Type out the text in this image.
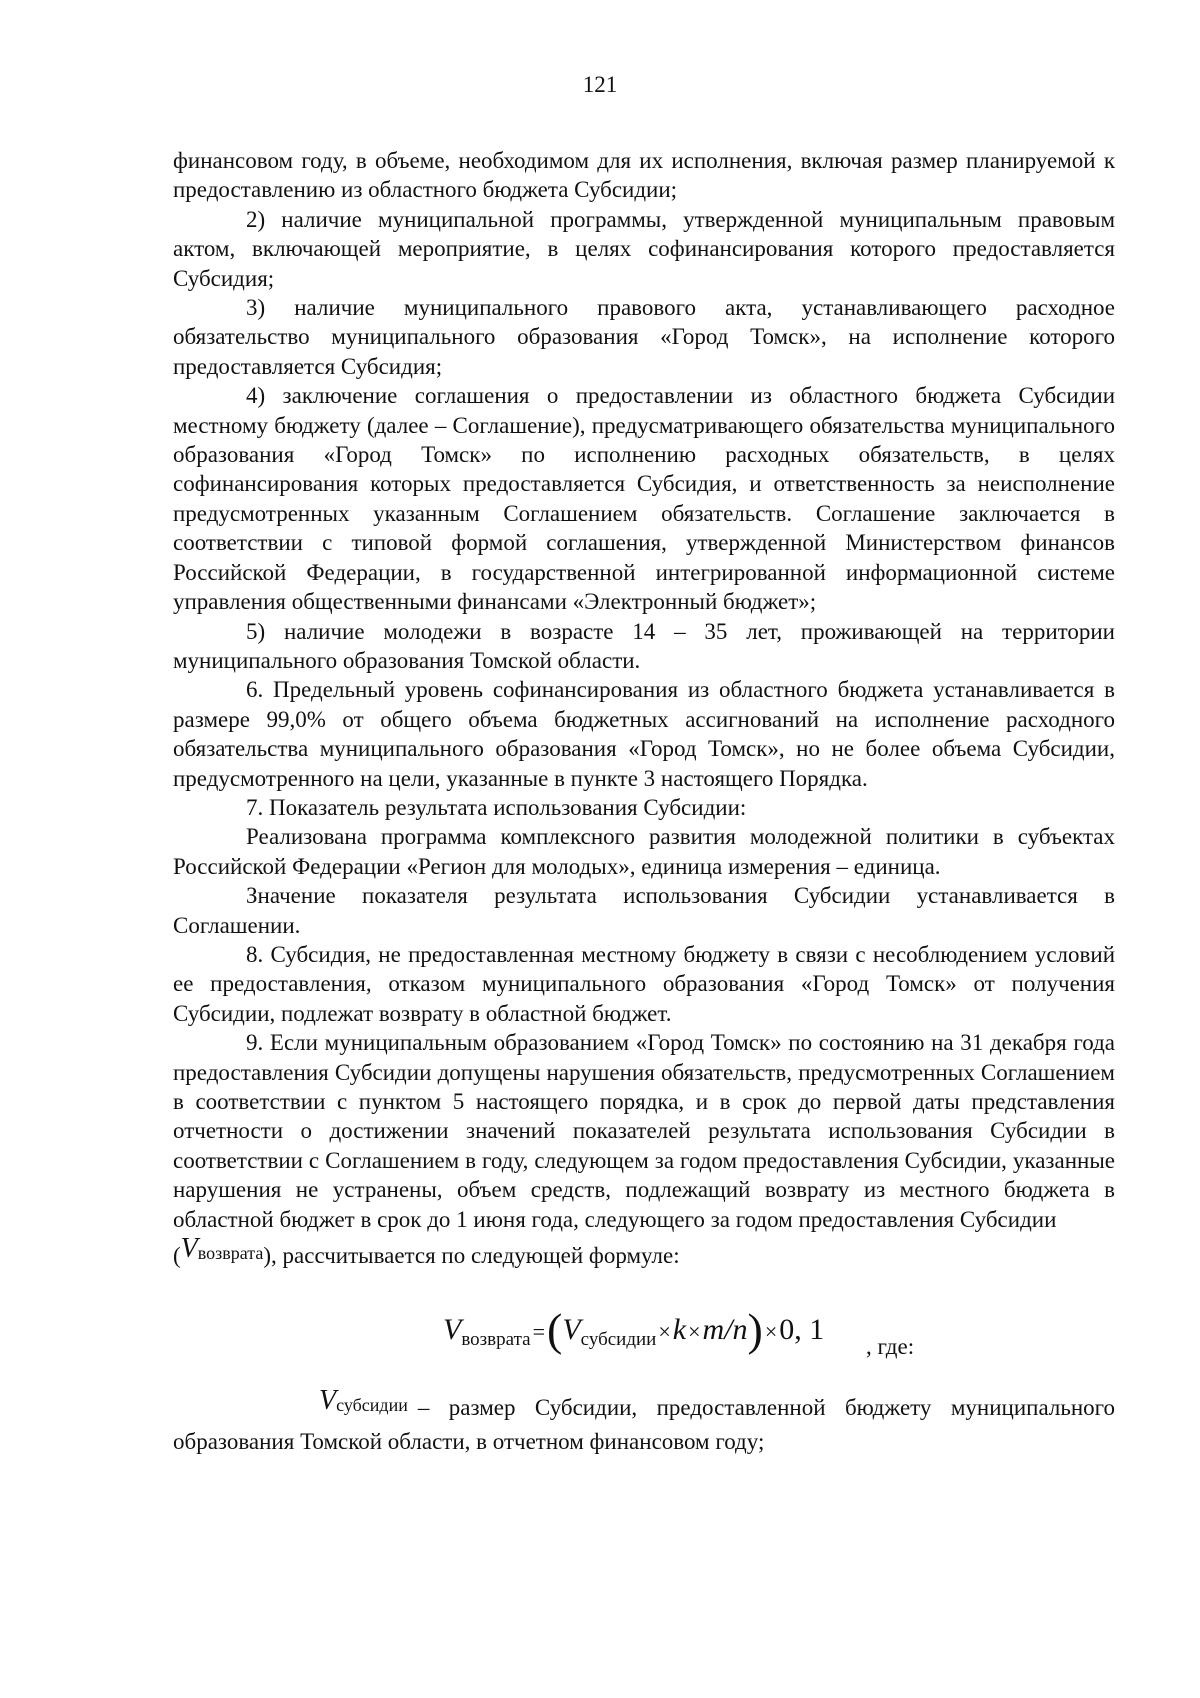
121

финансовом году, в объеме, необходимом для их исполнения, включая размер планируемой к предоставлению из областного бюджета Субсидии;

2) наличие муниципальной программы, утвержденной муниципальным правовым актом, включающей мероприятие, в целях софинансирования которого предоставляется Субсидия;

3) наличие муниципального правового акта, устанавливающего расходное обязательство муниципального образования «Город Томск», на исполнение которого предоставляется Субсидия;

4) заключение соглашения о предоставлении из областного бюджета Субсидии местному бюджету (далее – Соглашение), предусматривающего обязательства муниципального образования «Город Томск» по исполнению расходных обязательств, в целях софинансирования которых предоставляется Субсидия, и ответственность за неисполнение предусмотренных указанным Соглашением обязательств. Соглашение заключается в соответствии с типовой формой соглашения, утвержденной Министерством финансов Российской Федерации, в государственной интегрированной информационной системе управления общественными финансами «Электронный бюджет»;

5) наличие молодежи в возрасте 14 – 35 лет, проживающей на территории муниципального образования Томской области.

6. Предельный уровень софинансирования из областного бюджета устанавливается в размере 99,0% от общего объема бюджетных ассигнований на исполнение расходного обязательства муниципального образования «Город Томск», но не более объема Субсидии, предусмотренного на цели, указанные в пункте 3 настоящего Порядка.

7. Показатель результата использования Субсидии:

Реализована программа комплексного развития молодежной политики в субъектах Российской Федерации «Регион для молодых», единица измерения – единица.

Значение показателя результата использования Субсидии устанавливается в Соглашении.

8. Субсидия, не предоставленная местному бюджету в связи с несоблюдением условий ее предоставления, отказом муниципального образования «Город Томск» от получения Субсидии, подлежат возврату в областной бюджет.

9. Если муниципальным образованием «Город Томск» по состоянию на 31 декабря года предоставления Субсидии допущены нарушения обязательств, предусмотренных Соглашением в соответствии с пунктом 5 настоящего порядка, и в срок до первой даты представления отчетности о достижении значений показателей результата использования Субсидии в соответствии с Соглашением в году, следующем за годом предоставления Субсидии, указанные нарушения не устранены, объем средств, подлежащий возврату из местного бюджета в областной бюджет в срок до 1 июня года, следующего за годом предоставления Субсидии

(Vвозврата), рассчитывается по следующей формуле:

$V_{возврата}=(V_{субсидии}\times k\times m/n)\times 0$, 1
, где:

Vсубсидии – размер Субсидии, предоставленной бюджету муниципального образования Томской области, в отчетном финансовом году;
